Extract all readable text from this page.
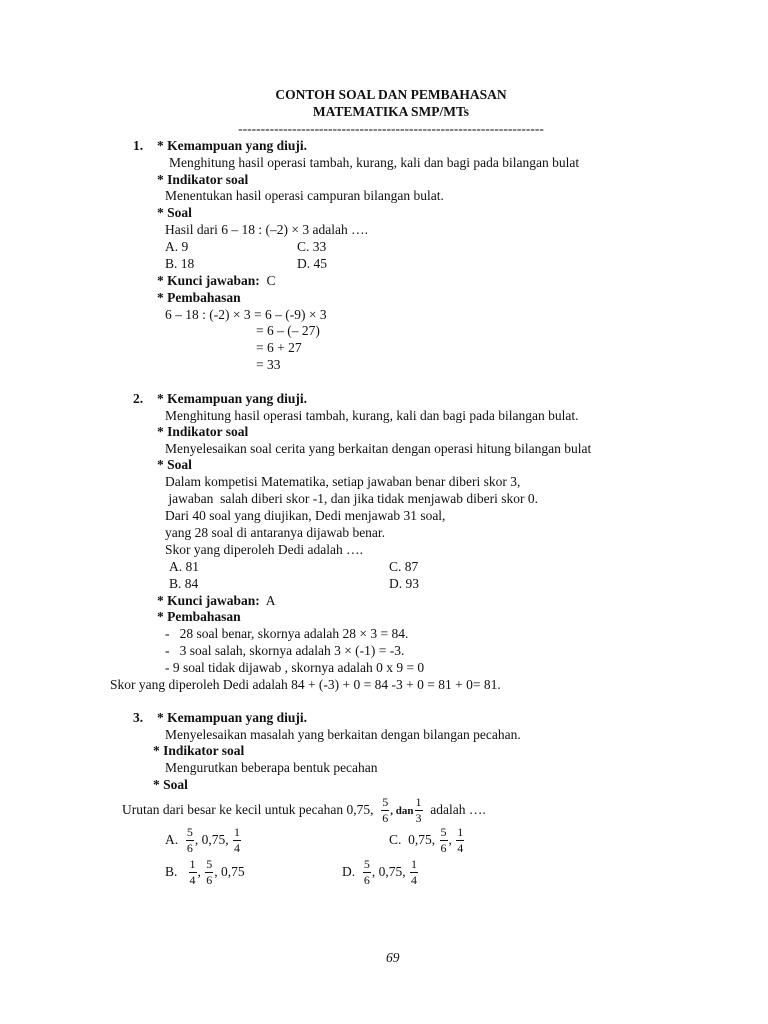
CONTOH SOAL DAN PEMBAHASAN
MATEMATIKA SMP/MTs
--------------------------------------------------------------------
1. * Kemampuan yang diuji.
Menghitung hasil operasi tambah, kurang, kali dan bagi pada bilangan bulat
* Indikator soal
Menentukan hasil operasi campuran bilangan bulat.
* Soal
Hasil dari 6 – 18 : (–2) × 3 adalah ….
A. 9	C. 33
B. 18	D. 45
* Kunci jawaban: C
* Pembahasan
6 – 18 : (-2) × 3 = 6 – (-9) × 3
= 6 – (– 27)
= 6 + 27
= 33
2. * Kemampuan yang diuji.
Menghitung hasil operasi tambah, kurang, kali dan bagi pada bilangan bulat.
* Indikator soal
Menyelesaikan soal cerita yang berkaitan dengan operasi hitung bilangan bulat
* Soal
Dalam kompetisi Matematika, setiap jawaban benar diberi skor 3,
jawaban  salah diberi skor -1, dan jika tidak menjawab diberi skor 0.
Dari 40 soal yang diujikan, Dedi menjawab 31 soal,
yang 28 soal di antaranya dijawab benar.
Skor yang diperoleh Dedi adalah ….
A. 81	C. 87
B. 84	D. 93
* Kunci jawaban: A
* Pembahasan
-   28 soal benar, skornya adalah 28 × 3 = 84.
-   3 soal salah, skornya adalah 3 × (-1) = -3.
- 9 soal tidak dijawab , skornya adalah 0 x 9 = 0
Skor yang diperoleh Dedi adalah 84 + (-3) + 0 = 84 -3 + 0 = 81 + 0= 81.
3. * Kemampuan yang diuji.
Menyelesaikan masalah yang berkaitan dengan bilangan pecahan.
* Indikator soal
Mengurutkan beberapa bentuk pecahan
* Soal
Urutan dari besar ke kecil untuk pecahan 0,75, $\frac{5}{6}$ , dan $\frac{1}{3}$ adalah ….
A. $\frac{5}{6}$ , 0,75, $\frac{1}{4}$	C. 0,75, $\frac{5}{6}$ , $\frac{1}{4}$
B. $\frac{1}{4}$ , $\frac{5}{6}$ , 0,75	D. $\frac{5}{6}$ , 0,75, $\frac{1}{4}$
69
